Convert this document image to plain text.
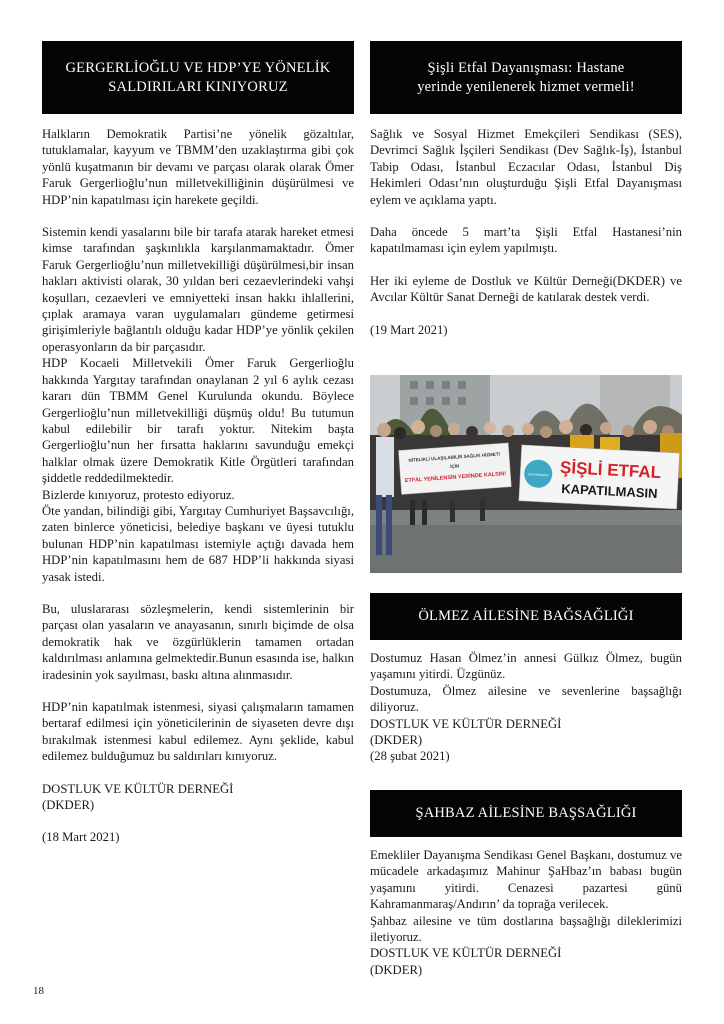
GERGERLİOĞLU VE HDP’YE YÖNELİK
SALDIRILARI KINIYORUZ

Halkların Demokratik Partisi’ne yönelik gözaltılar, tutuklamalar, kayyum ve TBMM’den uzaklaştırma gibi çok yönlü kuşatmanın bir devamı ve parçası olarak olarak Ömer Faruk Gergerlioğlu’nun milletvekilliğinin düşürülmesi ve HDP’nin kapatılması için harekete geçildi.

Sistemin kendi yasalarını bile bir tarafa atarak hareket etmesi kimse tarafından şaşkınlıkla karşılanmamaktadır. Ömer Faruk Gergerlioğlu’nun milletvekilliği düşürülmesi,bir insan hakları aktivisti olarak, 30 yıldan beri cezaevlerindeki vahşi koşulları, cezaevleri ve emniyetteki insan hakkı ihlallerini, çıplak aramaya varan uygulamaları gündeme getirmesi girişimleriyle bağlantılı olduğu kadar HDP’ye yönlik çekilen operasyonların da bir parçasıdır.

HDP Kocaeli Milletvekili Ömer Faruk Gergerlioğlu hakkında Yargıtay tarafından onaylanan 2 yıl 6 aylık cezası kararı dün TBMM Genel Kurulunda okundu. Böylece Gergerlioğlu’nun milletvekilliği düşmüş oldu! Bu tutumun kabul edilebilir bir tarafı yoktur. Nitekim başta Gergerlioğlu’nun her fırsatta haklarını savunduğu emekçi halklar olmak üzere Demokratik Kitle Örgütleri tarafından şiddetle reddedilmektedir.

Bizlerde kınıyoruz, protesto ediyoruz.

Öte yandan, bilindiği gibi, Yargıtay Cumhuriyet Başsavcılığı, zaten binlerce yöneticisi, belediye başkanı ve üyesi tutuklu bulunan HDP’nin kapatılması istemiyle açtığı davada hem HDP’nin kapatılmasını hem de 687 HDP’li hakkında siyasi yasak istedi.

Bu, uluslararası sözleşmelerin, kendi sistemlerinin bir parçası olan yasaların ve anayasanın, sınırlı biçimde de olsa demokratik hak ve özgürlüklerin tamamen ortadan kaldırılması anlamına gelmektedir.Bunun esasında ise, halkın iradesinin yok sayılması, baskı altına alınmasıdır.

HDP’nin kapatılmak istenmesi, siyasi çalışmaların tamamen bertaraf edilmesi için yöneticilerinin de siyaseten devre dışı bırakılmak istenmesi kabul edilemez. Aynı şeklide, kabul edilemez bulduğumuz bu saldırıları kınıyoruz.

DOSTLUK VE KÜLTÜR DERNEĞİ

(DKDER)

(18 Mart 2021)

Şişli Etfal Dayanışması: Hastane
yerinde yenilenerek hizmet vermeli!

Sağlık ve Sosyal Hizmet Emekçileri Sendikası (SES), Devrimci Sağlık İşçileri Sendikası (Dev Sağlık-İş), İstanbul Tabip Odası, İstanbul Eczacılar Odası, İstanbul Diş Hekimleri Odası’nın oluşturduğu Şişli Etfal Dayanışması eylem ve açıklama yaptı.

Daha öncede 5 mart’ta Şişli Etfal Hastanesi’nin kapatılmaması için eylem yapılmıştı.

Her iki eyleme de Dostluk ve Kültür Derneği(DKDER) ve Avcılar Kültür Sanat Derneği de katılarak destek verdi.

(19 Mart 2021)

NİTELİKLİ ULAŞILABİLİR SAĞLIK HİZMETİ
İÇİN
ETFAL YENİLENSİN YERİNDE KALSIN!	DAYANIŞMASI ŞİŞLİ ETFAL
KAPATILMASIN
ÖLMEZ AİLESİNE BAĞSAĞLIĞI

Dostumuz Hasan Ölmez’in annesi Gülkız Ölmez, bugün yaşamını yitirdi. Üzgünüz.

Dostumuza, Ölmez ailesine ve sevenlerine başsağlığı diliyoruz.

DOSTLUK VE KÜLTÜR DERNEĞİ

(DKDER)

(28 şubat 2021)

ŞAHBAZ AİLESİNE BAŞSAĞLIĞI

Emekliler Dayanışma Sendikası Genel Başkanı, dostumuz ve mücadele arkadaşımız Mahinur ŞaHbaz’ın babası bugün yaşamını yitirdi. Cenazesi pazartesi günü Kahramanmaraş/Andırın’ da toprağa verilecek.

Şahbaz ailesine ve tüm dostlarına başsağlığı dileklerimizi iletiyoruz.

DOSTLUK VE KÜLTÜR DERNEĞİ

(DKDER)

18
